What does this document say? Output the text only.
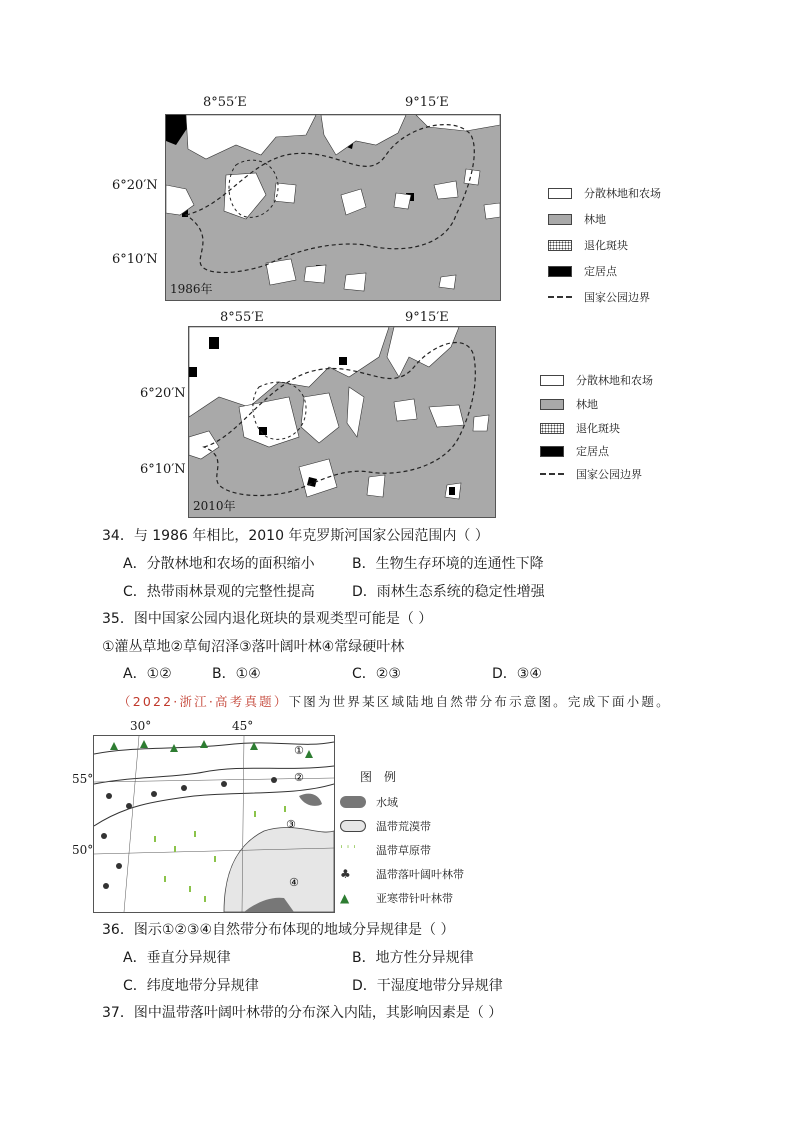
8°55′E	9°15′E
6°20′N
6°10′N
1986年
分散林地和农场
林地
退化斑块
定居点
国家公园边界
8°55′E	9°15′E
6°20′N
6°10′N
2010年
分散林地和农场
林地
退化斑块
定居点
国家公园边界
34．与 1986 年相比，2010 年克罗斯河国家公园范围内（ ）
A．分散林地和农场的面积缩小	B．生物生存环境的连通性下降
C．热带雨林景观的完整性提高	D．雨林生态系统的稳定性增强
35．图中国家公园内退化斑块的景观类型可能是（ ）
①灌丛草地②草甸沼泽③落叶阔叶林④常绿硬叶林
A．①②	B．①④	C．②③	D．③④
（2022·浙江·高考真题）下图为世界某区域陆地自然带分布示意图。完成下面小题。
30°	45°
55°
50°
①
②
③
④
图　例
水域
温带荒漠带
ˈ ˈ ˈ	温带草原带
♣	温带落叶阔叶林带
▲	亚寒带针叶林带
36．图示①②③④自然带分布体现的地域分异规律是（ ）
A．垂直分异规律	B．地方性分异规律
C．纬度地带分异规律	D．干湿度地带分异规律
37．图中温带落叶阔叶林带的分布深入内陆，其影响因素是（ ）
